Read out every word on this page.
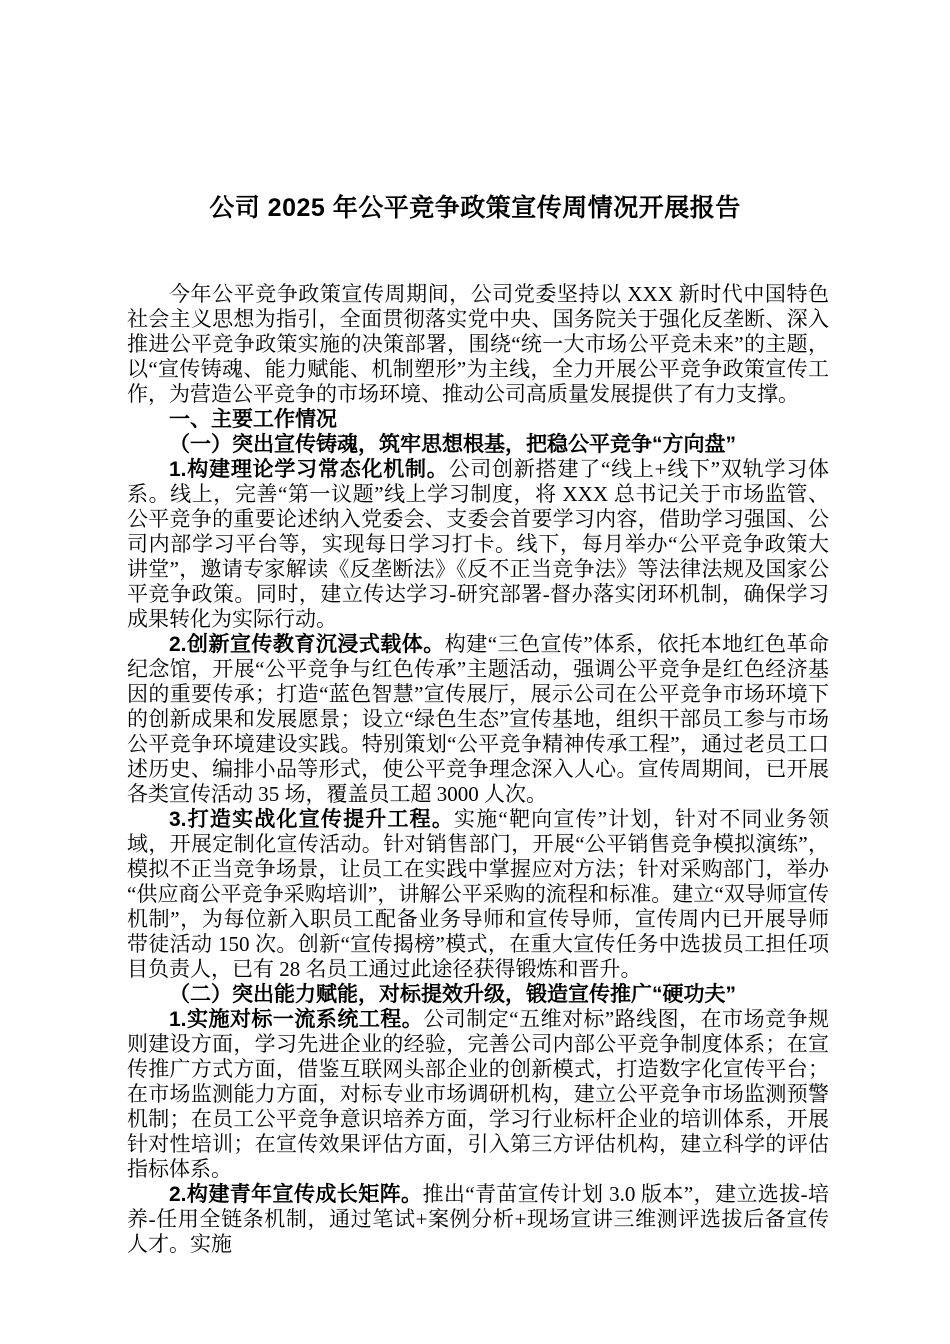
公司 2025 年公平竞争政策宣传周情况开展报告

今年公平竞争政策宣传周期间，公司党委坚持以 XXX 新时代中国特色社会主义思想为指引，全面贯彻落实党中央、国务院关于强化反垄断、深入推进公平竞争政策实施的决策部署，围绕“统一大市场公平竞未来”的主题，以“宣传铸魂、能力赋能、机制塑形”为主线，全力开展公平竞争政策宣传工作，为营造公平竞争的市场环境、推动公司高质量发展提供了有力支撑。

一、主要工作情况

（一）突出宣传铸魂，筑牢思想根基，把稳公平竞争“方向盘”

1.构建理论学习常态化机制。公司创新搭建了“线上+线下”双轨学习体系。线上，完善“第一议题”线上学习制度，将 XXX 总书记关于市场监管、公平竞争的重要论述纳入党委会、支委会首要学习内容，借助学习强国、公司内部学习平台等，实现每日学习打卡。线下，每月举办“公平竞争政策大讲堂”，邀请专家解读《反垄断法》《反不正当竞争法》等法律法规及国家公平竞争政策。同时，建立传达学习-研究部署-督办落实闭环机制，确保学习成果转化为实际行动。

2.创新宣传教育沉浸式载体。构建“三色宣传”体系，依托本地红色革命纪念馆，开展“公平竞争与红色传承”主题活动，强调公平竞争是红色经济基因的重要传承；打造“蓝色智慧”宣传展厅，展示公司在公平竞争市场环境下的创新成果和发展愿景；设立“绿色生态”宣传基地，组织干部员工参与市场公平竞争环境建设实践。特别策划“公平竞争精神传承工程”，通过老员工口述历史、编排小品等形式，使公平竞争理念深入人心。宣传周期间，已开展各类宣传活动 35 场，覆盖员工超 3000 人次。

3.打造实战化宣传提升工程。实施“靶向宣传”计划，针对不同业务领域，开展定制化宣传活动。针对销售部门，开展“公平销售竞争模拟演练”，模拟不正当竞争场景，让员工在实践中掌握应对方法；针对采购部门，举办“供应商公平竞争采购培训”，讲解公平采购的流程和标准。建立“双导师宣传机制”，为每位新入职员工配备业务导师和宣传导师，宣传周内已开展导师带徒活动 150 次。创新“宣传揭榜”模式，在重大宣传任务中选拔员工担任项目负责人，已有 28 名员工通过此途径获得锻炼和晋升。

（二）突出能力赋能，对标提效升级，锻造宣传推广“硬功夫”

1.实施对标一流系统工程。公司制定“五维对标”路线图，在市场竞争规则建设方面，学习先进企业的经验，完善公司内部公平竞争制度体系；在宣传推广方式方面，借鉴互联网头部企业的创新模式，打造数字化宣传平台；在市场监测能力方面，对标专业市场调研机构，建立公平竞争市场监测预警机制；在员工公平竞争意识培养方面，学习行业标杆企业的培训体系，开展针对性培训；在宣传效果评估方面，引入第三方评估机构，建立科学的评估指标体系。

2.构建青年宣传成长矩阵。推出“青苗宣传计划 3.0 版本”，建立选拔-培养-任用全链条机制，通过笔试+案例分析+现场宣讲三维测评选拔后备宣传人才。实施
